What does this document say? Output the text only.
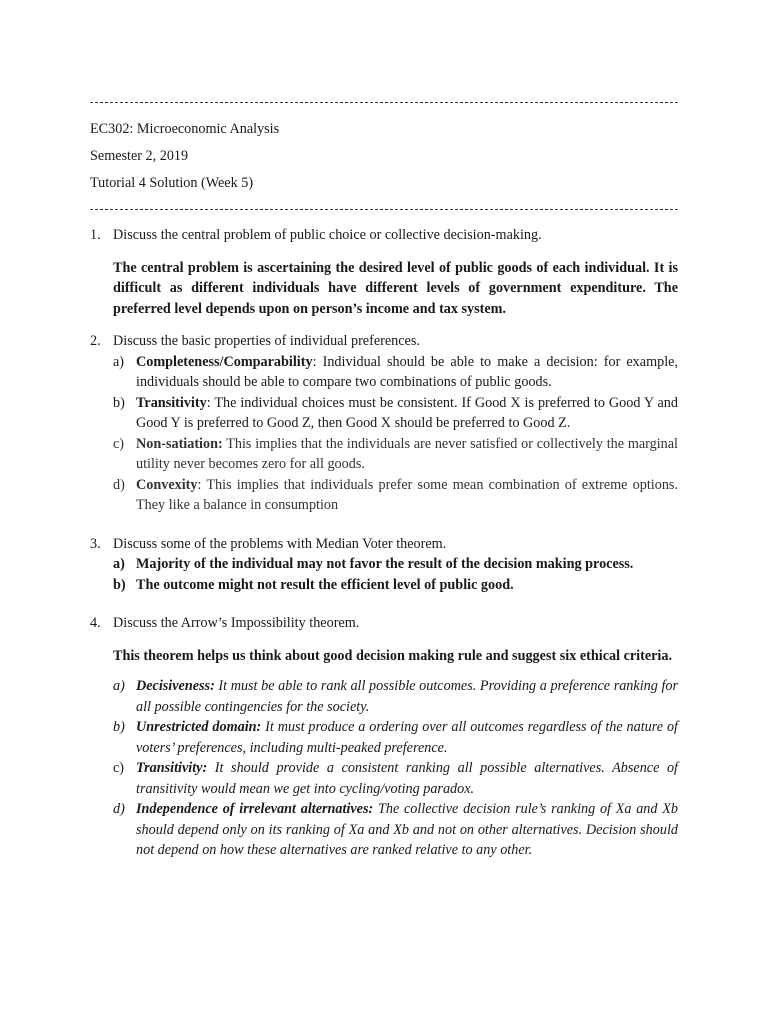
EC302: Microeconomic Analysis
Semester 2, 2019
Tutorial 4 Solution (Week 5)
1. Discuss the central problem of public choice or collective decision-making.
The central problem is ascertaining the desired level of public goods of each individual. It is difficult as different individuals have different levels of government expenditure. The preferred level depends upon on person’s income and tax system.
2. Discuss the basic properties of individual preferences.
a) Completeness/Comparability: Individual should be able to make a decision: for example, individuals should be able to compare two combinations of public goods.
b) Transitivity: The individual choices must be consistent. If Good X is preferred to Good Y and Good Y is preferred to Good Z, then Good X should be preferred to Good Z.
c) Non-satiation: This implies that the individuals are never satisfied or collectively the marginal utility never becomes zero for all goods.
d) Convexity: This implies that individuals prefer some mean combination of extreme options. They like a balance in consumption
3. Discuss some of the problems with Median Voter theorem.
a) Majority of the individual may not favor the result of the decision making process.
b) The outcome might not result the efficient level of public good.
4. Discuss the Arrow’s Impossibility theorem.
This theorem helps us think about good decision making rule and suggest six ethical criteria.
a) Decisiveness: It must be able to rank all possible outcomes. Providing a preference ranking for all possible contingencies for the society.
b) Unrestricted domain: It must produce a ordering over all outcomes regardless of the nature of voters’ preferences, including multi-peaked preference.
c) Transitivity: It should provide a consistent ranking all possible alternatives. Absence of transitivity would mean we get into cycling/voting paradox.
d) Independence of irrelevant alternatives: The collective decision rule’s ranking of Xa and Xb should depend only on its ranking of Xa and Xb and not on other alternatives. Decision should not depend on how these alternatives are ranked relative to any other.
